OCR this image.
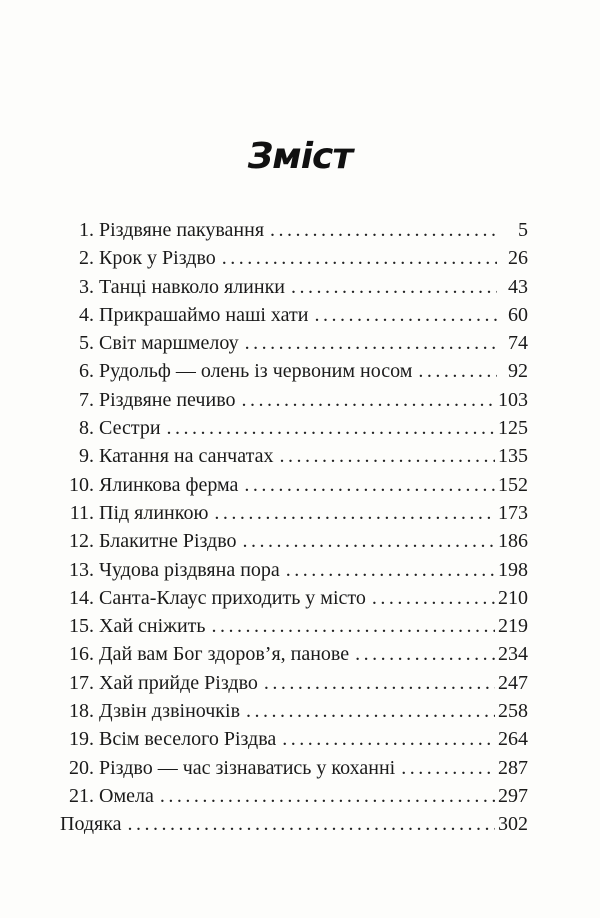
Зміст
1. Різдвяне пакування . . .	5
2. Крок у Різдво . . .	26
3. Танці навколо ялинки . . .	43
4. Прикрашаймо наші хати . . .	60
5. Світ маршмелоу . . .	74
6. Рудольф — олень із червоним носом . . .	92
7. Різдвяне печиво . . .	103
8. Сестри . . .	125
9. Катання на санчатах . . .	135
10. Ялинкова ферма . . .	152
11. Під ялинкою . . .	173
12. Блакитне Різдво . . .	186
13. Чудова різдвяна пора . . .	198
14. Санта-Клаус приходить у місто . . .	210
15. Хай сніжить . . .	219
16. Дай вам Бог здоров’я, панове . . .	234
17. Хай прийде Різдво . . .	247
18. Дзвін дзвіночків . . .	258
19. Всім веселого Різдва . . .	264
20. Різдво — час зізнаватись у коханні . . .	287
21. Омела . . .	297
Подяка . . .	302
